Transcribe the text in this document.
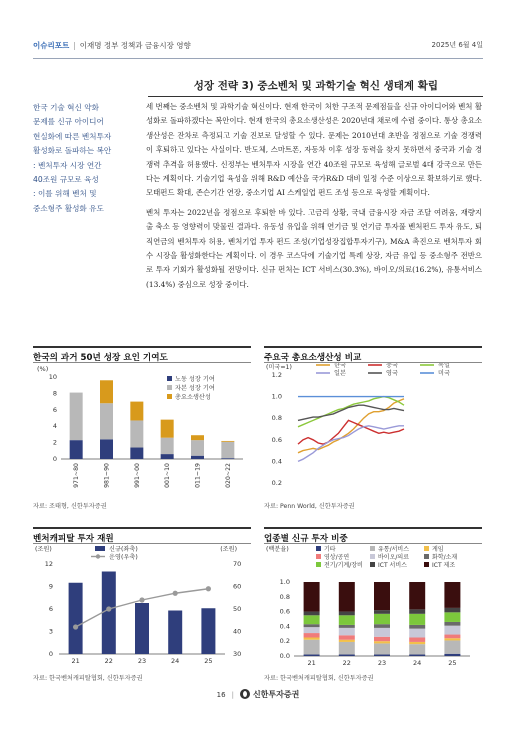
이슈리포트 | 이재명 정부 정책과 금융시장 영향	2025년 6월 4일
성장 전략 3) 중소벤처 및 과학기술 혁신 생태계 확립
한국 기술 혁신 약화
문제를 신규 아이디어
현실화에 따른 벤처투자
활성화로 돌파하는 복안

: 벤처투자 시장 연간
40조원 규모로 육성
: 이를 위해 벤처 및
중소형주 활성화 유도

세 번째는 중소벤처 및 과학기술 혁신이다. 현재 한국이 처한 구조적 문제점들을 신규 아이디어와 벤처 활성화로 돌파하겠다는 복안이다. 현재 한국의 총요소생산성은 2020년대 채로에 수렴 중이다. 통상 총요소생산성은 잔차로 측정되고 기술 진보로 달성할 수 있다. 문제는 2010년대 초반을 정점으로 기술 경쟁력이 후퇴하고 있다는 사실이다. 반도체, 스마트폰, 자동차 이후 성장 동력을 찾지 못하면서 중국과 기술 경쟁력 추격을 허용했다. 신정부는 벤처투자 시장을 연간 40조원 규모로 육성해 글로벌 4대 강국으로 만든다는 계획이다. 기술기업 육성을 위해 R&D 예산을 국가R&D 대비 일정 수준 이상으로 확보하기로 했다. 모태펀드 확대, 존슨기간 연장, 중소기업 AI 스케일업 펀드 조성 등으로 육성할 계획이다.

벤처 투자는 2022년을 정점으로 후퇴한 바 있다. 고금리 상황, 국내 금융시장 자금 조달 여려움, 재량지출 축소 등 영향력이 맞물린 결과다. 유동성 유입을 위해 연기금 및 연기금 투자풀 벤처펀드 투자 유도, 퇴직연금의 벤처투자 허용, 벤처기업 투자 펀드 조성(기업성장집합투자기구), M&A 촉진으로 벤처투자 회수 시장을 활성화한다는 계획이다. 이 경우 코스닥에 기술기업 특례 상장, 자금 유입 등 중소형주 전반으로 투자 기회가 활성화될 전망이다. 신규 펀처는 ICT 서비스(30.3%), 바이오/의료(16.2%), 유통서비스(13.4%) 중심으로 성장 중이다.

한국의 과거 50년 성장 요인 기여도
(%)
0
2
4
6
8
10
1971~80	1981~90	1991~00	2001~10	2011~19	2020~22
노동 성장 기여
자본 성장 기여
총요소생산성
자료: 조태형, 신한투자증권
주요국 총요소생산성 비교
(미국=1)
0.2
0.4
0.6
0.8
1.0
1.2
한국	중국	독일
일본	영국	미국
자료: Penn World, 신한투자증권
벤처캐피탈 투자 재원
(조원)	(조원)
0
3
6
9
12
30
40
50
60
70
21	22	23	24	25
신규(좌축)
운영(우축)
자료: 한국벤처캐피탈협회, 신한투자증권
업종별 신규 투자 비중
(백분율)
0.0
0.2
0.4
0.6
0.8
1.0
21	22	23	24	25
기타	유통/서비스	게임
영상/공연	바이오/의료	화학/소재
전기/기계/장비	ICT 서비스	ICT 제조
자료: 한국벤처캐피탈협회, 신한투자증권
16 | 신한투자증권
